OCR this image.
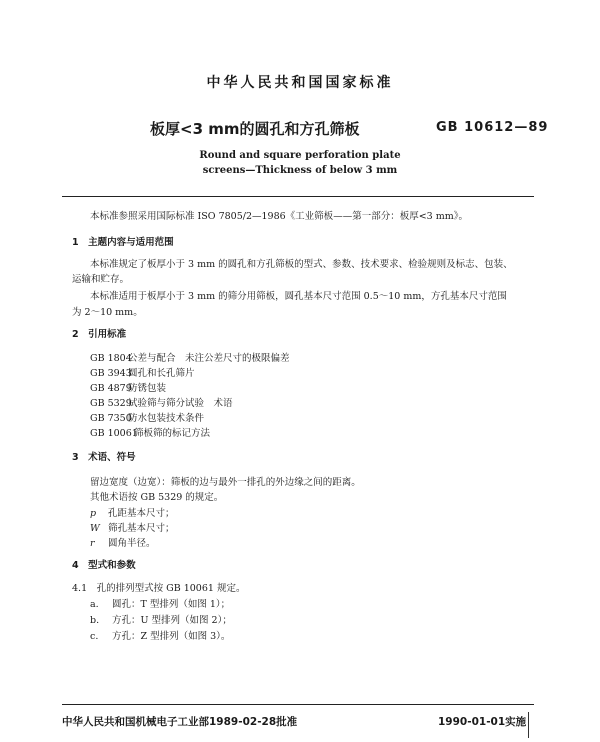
中华人民共和国国家标准
板厚<3 mm的圆孔和方孔筛板	GB 10612—89
Round and square perforation plate
screens—Thickness of below 3 mm
本标准参照采用国际标准 ISO 7805/2—1986《工业筛板——第一部分：板厚<3 mm》。
1　主题内容与适用范围
本标准规定了板厚小于 3 mm 的圆孔和方孔筛板的型式、参数、技术要求、检验规则及标志、包装、
运输和贮存。
本标准适用于板厚小于 3 mm 的筛分用筛板，圆孔基本尺寸范围 0.5～10 mm，方孔基本尺寸范围
为 2～10 mm。
2　引用标准
GB 1804公差与配合　未注公差尺寸的极限偏差
GB 3943圆孔和长孔筛片
GB 4879防锈包装
GB 5329试验筛与筛分试验　术语
GB 7350防水包装技术条件
GB 10061筛板筛的标记方法
3　术语、符号
留边宽度（边宽）：筛板的边与最外一排孔的外边缘之间的距离。
其他术语按 GB 5329 的规定。
p 孔距基本尺寸；
W 筛孔基本尺寸；
r 圆角半径。
4　型式和参数
4.1　孔的排列型式按 GB 10061 规定。
a. 圆孔：T 型排列（如图 1）；
b. 方孔：U 型排列（如图 2）；
c. 方孔：Z 型排列（如图 3）。
中华人民共和国机械电子工业部1989-02-28批准	1990-01-01实施
